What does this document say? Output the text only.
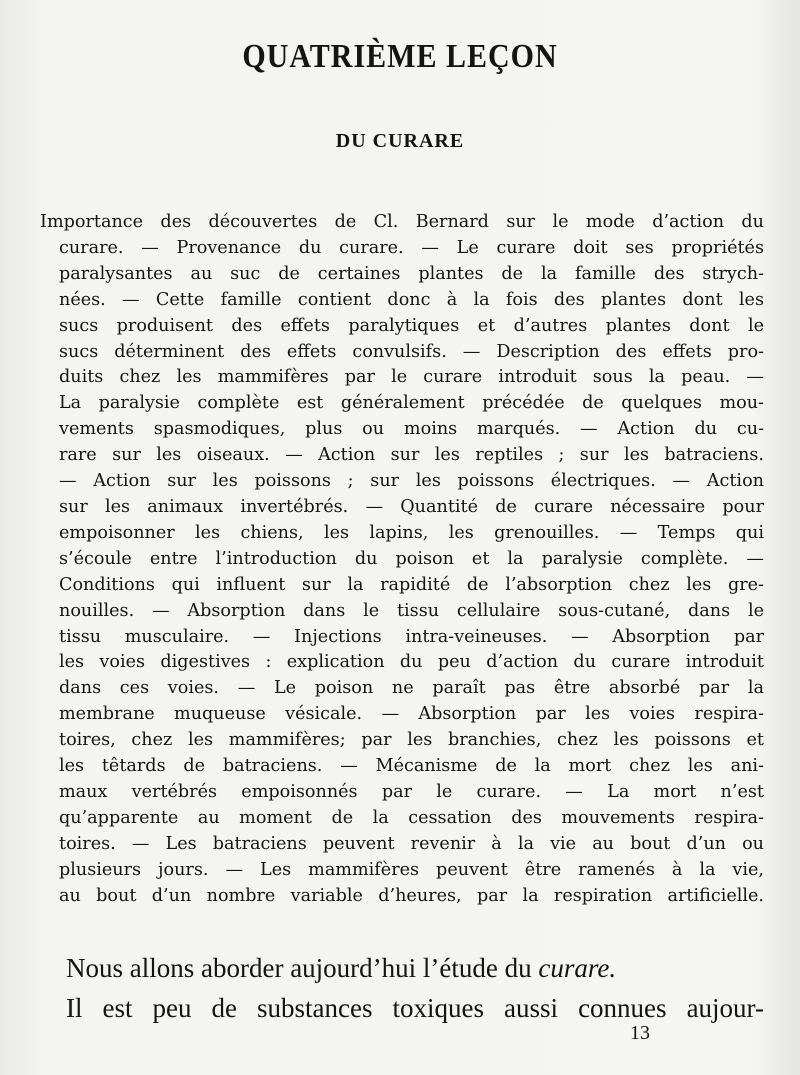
QUATRIÈME LEÇON
DU CURARE
Importance des découvertes de Cl. Bernard sur le mode d’action du
curare. — Provenance du curare. — Le curare doit ses propriétés
paralysantes au suc de certaines plantes de la famille des strych-
nées. — Cette famille contient donc à la fois des plantes dont les
sucs produisent des effets paralytiques et d’autres plantes dont le
sucs déterminent des effets convulsifs. — Description des effets pro-
duits chez les mammifères par le curare introduit sous la peau. —
La paralysie complète est généralement précédée de quelques mou-
vements spasmodiques, plus ou moins marqués. — Action du cu-
rare sur les oiseaux. — Action sur les reptiles ; sur les batraciens.
— Action sur les poissons ; sur les poissons électriques. — Action
sur les animaux invertébrés. — Quantité de curare nécessaire pour
empoisonner les chiens, les lapins, les grenouilles. — Temps qui
s’écoule entre l’introduction du poison et la paralysie complète. —
Conditions qui influent sur la rapidité de l’absorption chez les gre-
nouilles. — Absorption dans le tissu cellulaire sous-cutané, dans le
tissu musculaire. — Injections intra-veineuses. — Absorption par
les voies digestives : explication du peu d’action du curare introduit
dans ces voies. — Le poison ne paraît pas être absorbé par la
membrane muqueuse vésicale. — Absorption par les voies respira-
toires, chez les mammifères; par les branchies, chez les poissons et
les têtards de batraciens. — Mécanisme de la mort chez les ani-
maux vertébrés empoisonnés par le curare. — La mort n’est
qu’apparente au moment de la cessation des mouvements respira-
toires. — Les batraciens peuvent revenir à la vie au bout d’un ou
plusieurs jours. — Les mammifères peuvent être ramenés à la vie,
au bout d’un nombre variable d’heures, par la respiration artificielle.
Nous allons aborder aujourd’hui l’étude du curare.
Il est peu de substances toxiques aussi connues aujour-
13
